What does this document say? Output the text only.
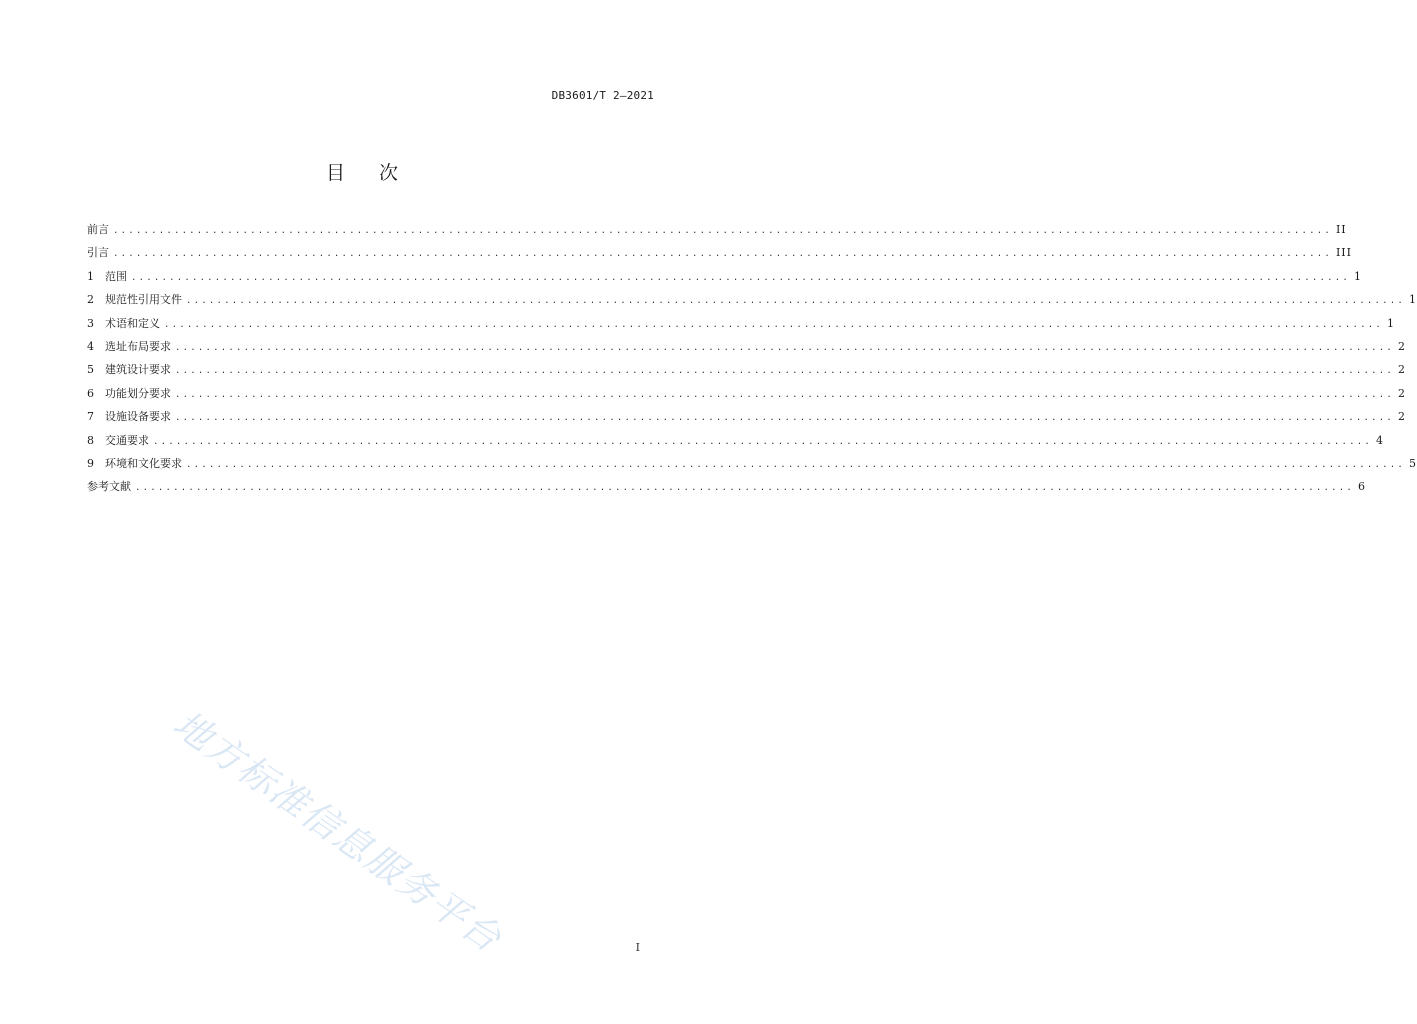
DB3601/T 2—2021
目 次
前言 ................................................................................................................................................................ II
引言 ................................................................................................................................................................ III
1	范围 ................................................................................................................................................................ 1
2	规范性引用文件 ................................................................................................................................................................ 1
3	术语和定义 ................................................................................................................................................................ 1
4	选址布局要求 ................................................................................................................................................................ 2
5	建筑设计要求 ................................................................................................................................................................ 2
6	功能划分要求 ................................................................................................................................................................ 2
7	设施设备要求 ................................................................................................................................................................ 2
8	交通要求 ................................................................................................................................................................ 4
9	环境和文化要求 ................................................................................................................................................................ 5
参考文献 ................................................................................................................................................................ 6
地方标准信息服务平台	I
